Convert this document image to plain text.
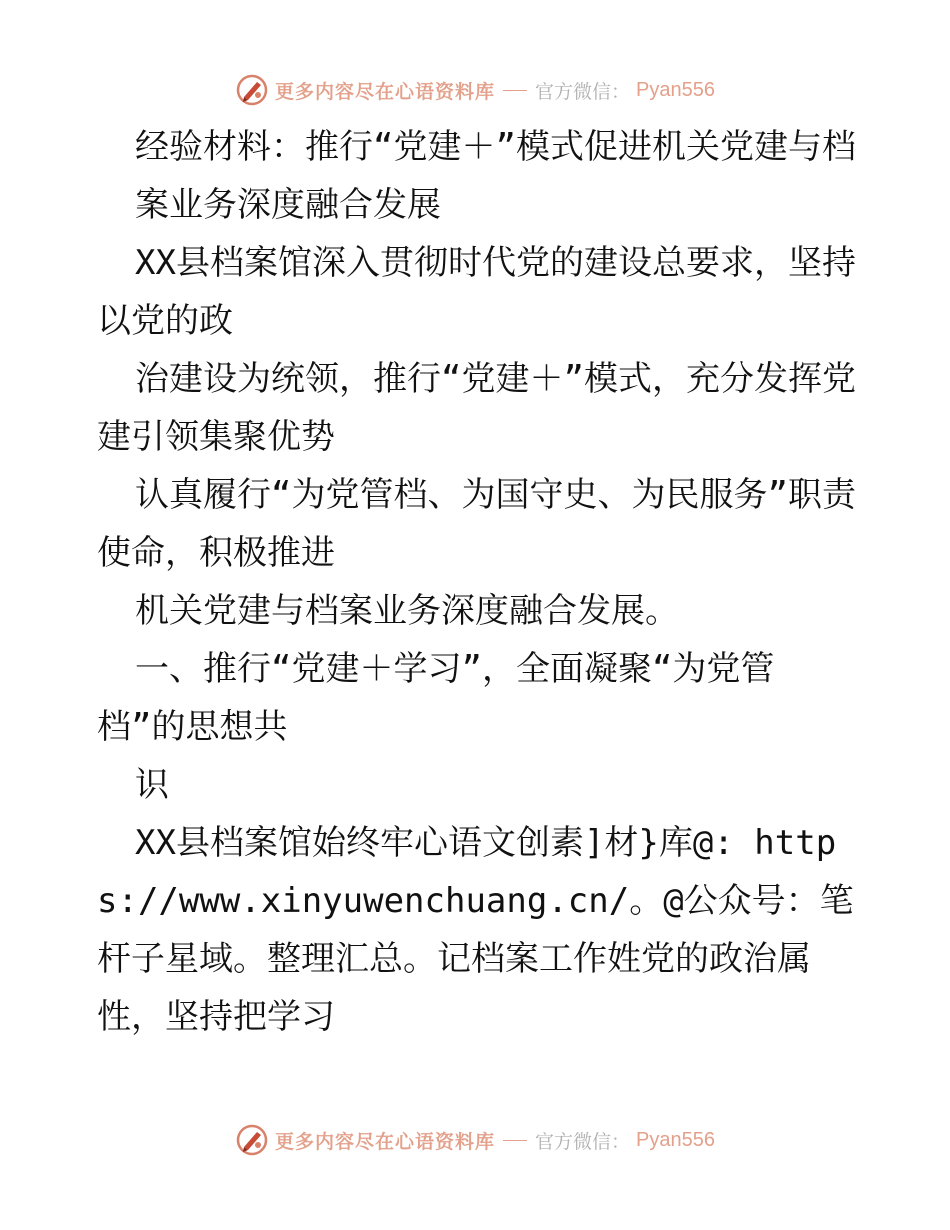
更多内容尽在心语资料库 官方微信： Pyan556

经验材料：推行“党建＋”模式促进机关党建与档

案业务深度融合发展

XX县档案馆深入贯彻时代党的建设总要求，坚持以党的政

治建设为统领，推行“党建＋”模式，充分发挥党建引领集聚优势

认真履行“为党管档、为国守史、为民服务”职责使命，积极推进

机关党建与档案业务深度融合发展。

一、推行“党建＋学习”，全面凝聚“为党管档”的思想共

识

XX县档案馆始终牢心语文创素]材}库@: https://www.xinyuwenchuang.cn/。@公众号：笔杆子星域。整理汇总。记档案工作姓党的政治属性，坚持把学习

更多内容尽在心语资料库 官方微信： Pyan556
